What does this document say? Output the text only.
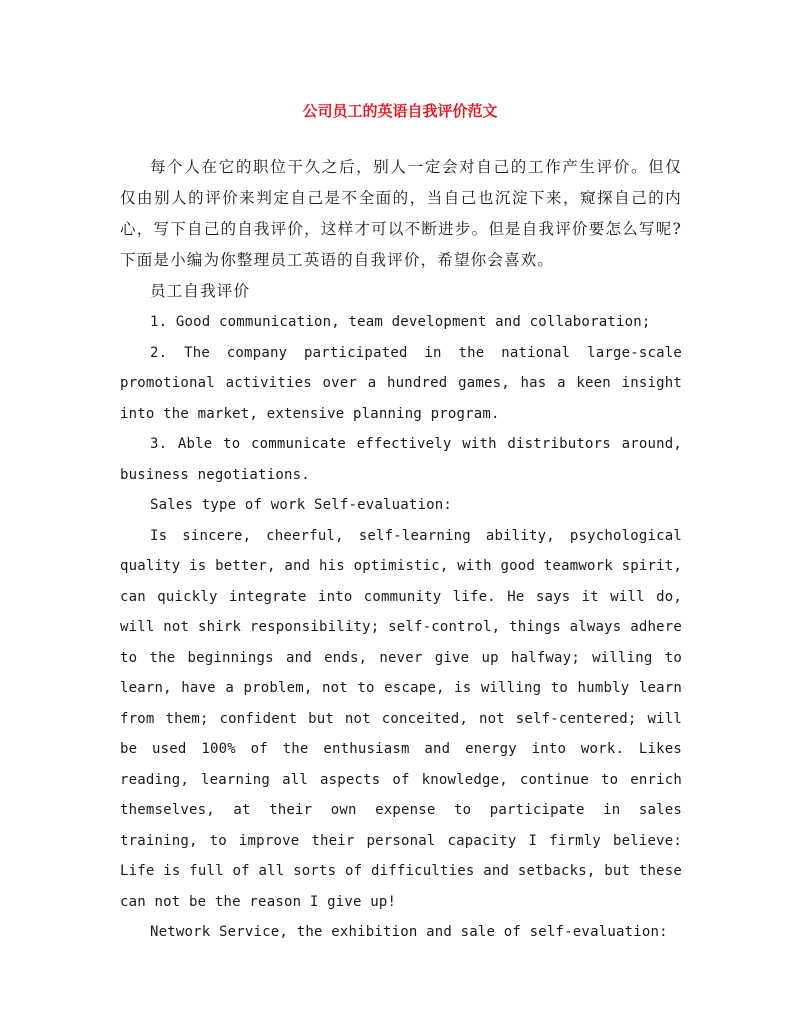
公司员工的英语自我评价范文

每个人在它的职位干久之后，别人一定会对自己的工作产生评价。但仅仅由别人的评价来判定自己是不全面的，当自己也沉淀下来，窥探自己的内心，写下自己的自我评价，这样才可以不断进步。但是自我评价要怎么写呢?下面是小编为你整理员工英语的自我评价，希望你会喜欢。

员工自我评价

1. Good communication, team development and collaboration;

2. The company participated in the national large-scale promotional activities over a hundred games, has a keen insight into the market, extensive planning program.

3. Able to communicate effectively with distributors around, business negotiations.

Sales type of work Self-evaluation:

Is sincere, cheerful, self-learning ability, psychological quality is better, and his optimistic, with good teamwork spirit, can quickly integrate into community life. He says it will do, will not shirk responsibility; self-control, things always adhere to the beginnings and ends, never give up halfway; willing to learn, have a problem, not to escape, is willing to humbly learn from them; confident but not conceited, not self-centered; will be used 100% of the enthusiasm and energy into work. Likes reading, learning all aspects of knowledge, continue to enrich themselves, at their own expense to participate in sales training, to improve their personal capacity I firmly believe: Life is full of all sorts of difficulties and setbacks, but these can not be the reason I give up!

Network Service, the exhibition and sale of self-evaluation:
